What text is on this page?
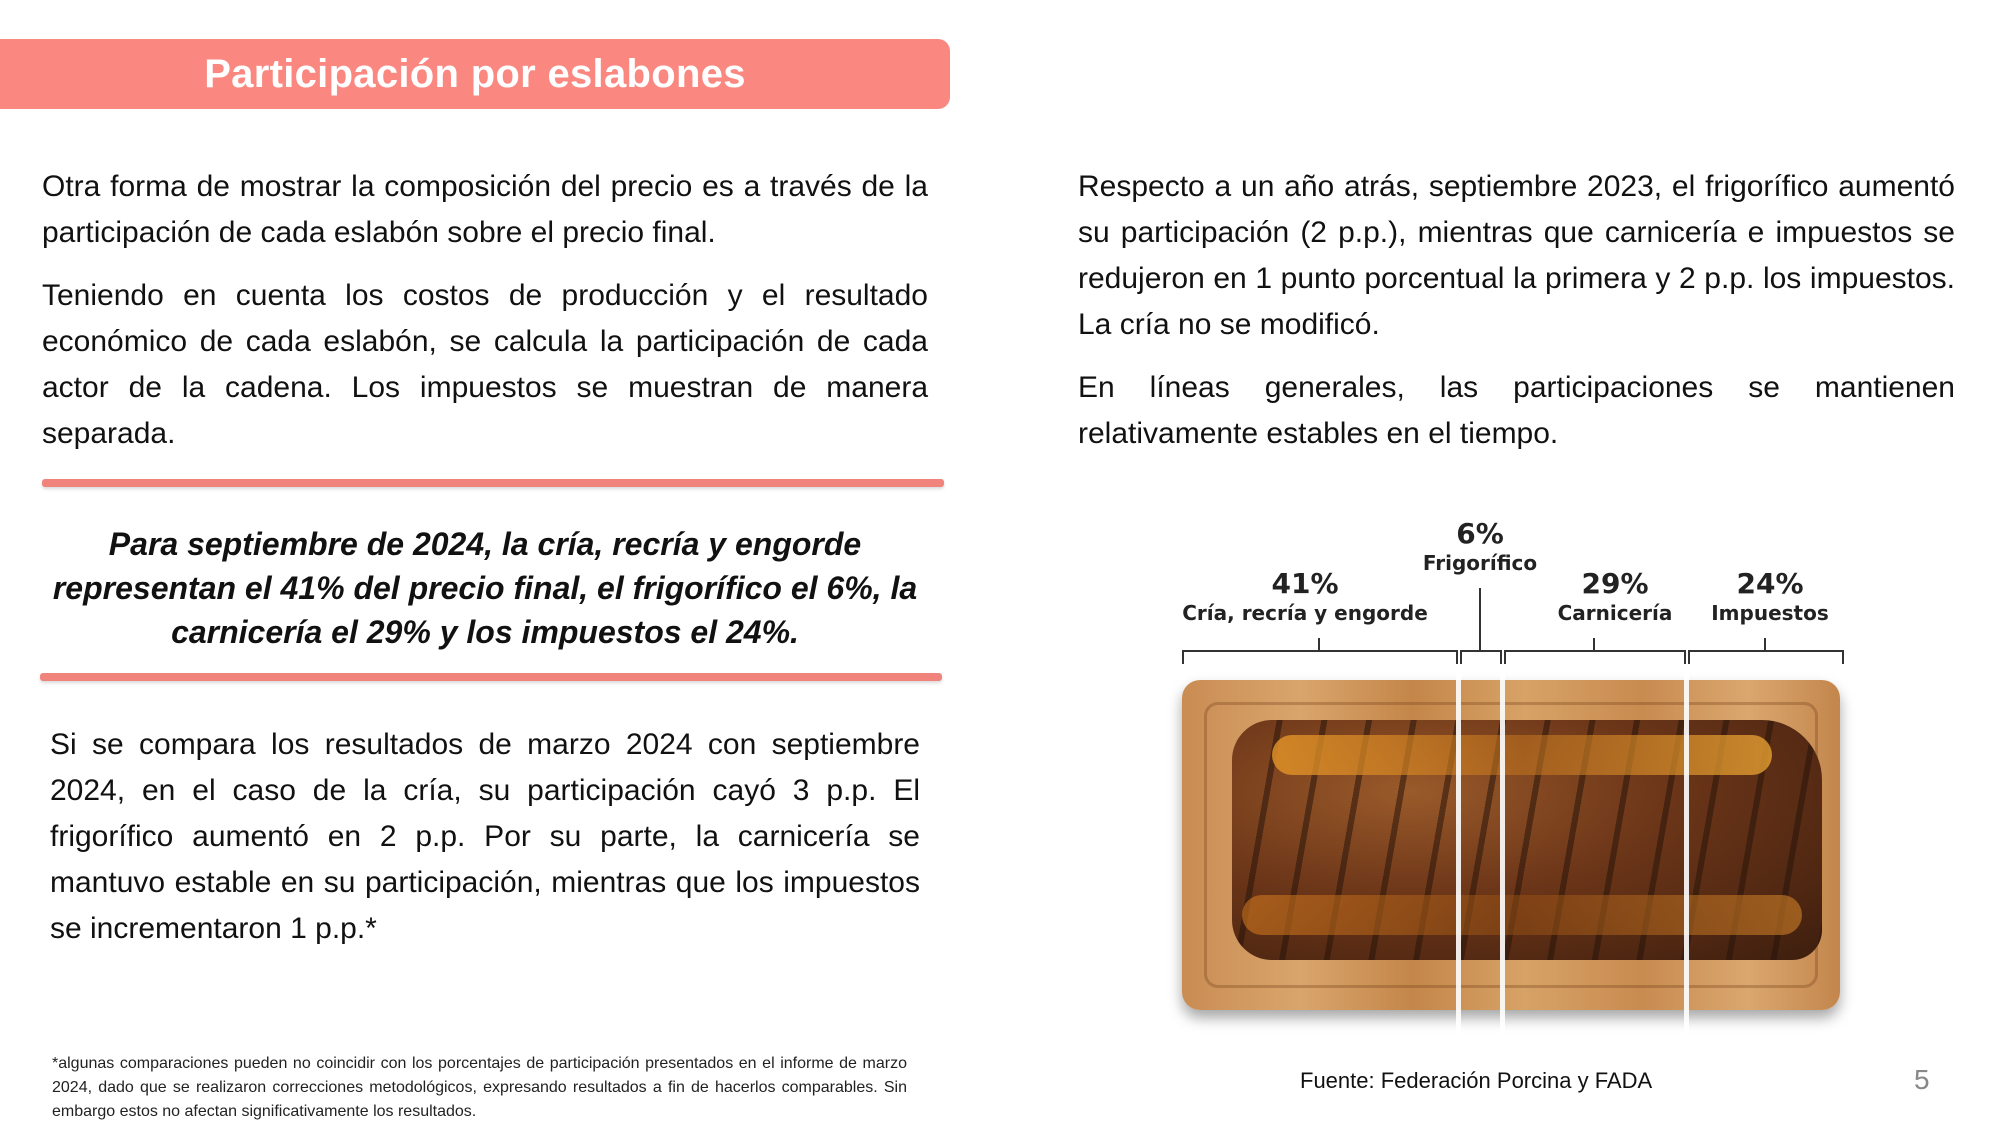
Participación por eslabones

Otra forma de mostrar la composición del precio es a través de la participación de cada eslabón sobre el precio final.

Teniendo en cuenta los costos de producción y el resultado económico de cada eslabón, se calcula la participación de cada actor de la cadena. Los impuestos se muestran de manera separada.

Para septiembre de 2024, la cría, recría y engorde representan el 41% del precio final, el frigorífico el 6%, la carnicería el 29% y los impuestos el 24%.

Si se compara los resultados de marzo 2024 con septiembre 2024, en el caso de la cría, su participación cayó 3 p.p. El frigorífico aumentó en 2 p.p. Por su parte, la carnicería se mantuvo estable en su participación, mientras que los impuestos se incrementaron 1 p.p.*

Respecto a un año atrás, septiembre 2023, el frigorífico aumentó su participación (2 p.p.), mientras que carnicería e impuestos se redujeron en 1 punto porcentual la primera y 2 p.p. los impuestos. La cría no se modificó.

En líneas generales, las participaciones se mantienen relativamente estables en el tiempo.

41%
Cría, recría y engorde
6%
Frigorífico
29%
Carnicería
24%
Impuestos

*algunas comparaciones pueden no coincidir con los porcentajes de participación presentados en el informe de marzo 2024, dado que se realizaron correcciones metodológicos, expresando resultados a fin de hacerlos comparables. Sin embargo estos no afectan significativamente los resultados.

Fuente: Federación Porcina y FADA	5
